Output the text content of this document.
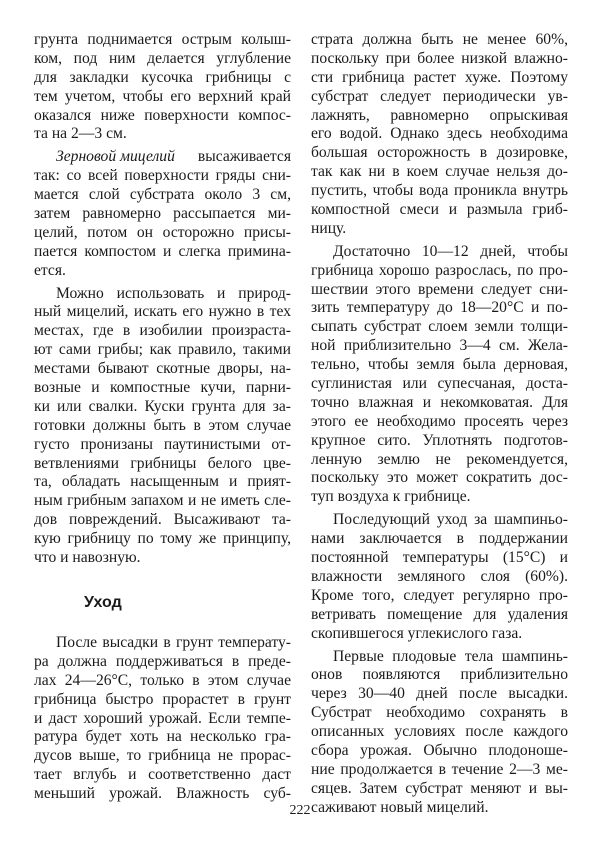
грунта поднимается острым колыш-
ком, под ним делается углубление
для закладки кусочка грибницы с
тем учетом, чтобы его верхний край
оказался ниже поверхности компос-
та на 2—3 см.
Зерновой мицелий высаживается
так: со всей поверхности гряды сни-
мается слой субстрата около 3 см,
затем равномерно рассыпается ми-
целий, потом он осторожно присы-
пается компостом и слегка примина-
ется.
Можно использовать и природ-
ный мицелий, искать его нужно в тех
местах, где в изобилии произраста-
ют сами грибы; как правило, такими
местами бывают скотные дворы, на-
возные и компостные кучи, парни-
ки или свалки. Куски грунта для за-
готовки должны быть в этом случае
густо пронизаны паутинистыми от-
ветвлениями грибницы белого цве-
та, обладать насыщенным и прият-
ным грибным запахом и не иметь сле-
дов повреждений. Высаживают та-
кую грибницу по тому же принципу,
что и навозную.
Уход
После высадки в грунт температу-
ра должна поддерживаться в преде-
лах 24—26°С, только в этом случае
грибница быстро прорастет в грунт
и даст хороший урожай. Если темпе-
ратура будет хоть на несколько гра-
дусов выше, то грибница не прорас-
тает вглубь и соответственно даст
меньший урожай. Влажность суб-
страта должна быть не менее 60%,
поскольку при более низкой влажно-
сти грибница растет хуже. Поэтому
субстрат следует периодически ув-
лажнять, равномерно опрыскивая
его водой. Однако здесь необходима
большая осторожность в дозировке,
так как ни в коем случае нельзя до-
пустить, чтобы вода проникла внутрь
компостной смеси и размыла гриб-
ницу.
Достаточно 10—12 дней, чтобы
грибница хорошо разрослась, по про-
шествии этого времени следует сни-
зить температуру до 18—20°С и по-
сыпать субстрат слоем земли толщи-
ной приблизительно 3—4 см. Жела-
тельно, чтобы земля была дерновая,
суглинистая или супесчаная, доста-
точно влажная и некомковатая. Для
этого ее необходимо просеять через
крупное сито. Уплотнять подготов-
ленную землю не рекомендуется,
поскольку это может сократить дос-
туп воздуха к грибнице.
Последующий уход за шампиньо-
нами заключается в поддержании
постоянной температуры (15°С) и
влажности земляного слоя (60%).
Кроме того, следует регулярно про-
ветривать помещение для удаления
скопившегося углекислого газа.
Первые плодовые тела шампинь-
онов появляются приблизительно
через 30—40 дней после высадки.
Субстрат необходимо сохранять в
описанных условиях после каждого
сбора урожая. Обычно плодоноше-
ние продолжается в течение 2—3 ме-
сяцев. Затем субстрат меняют и вы-
саживают новый мицелий.
222
